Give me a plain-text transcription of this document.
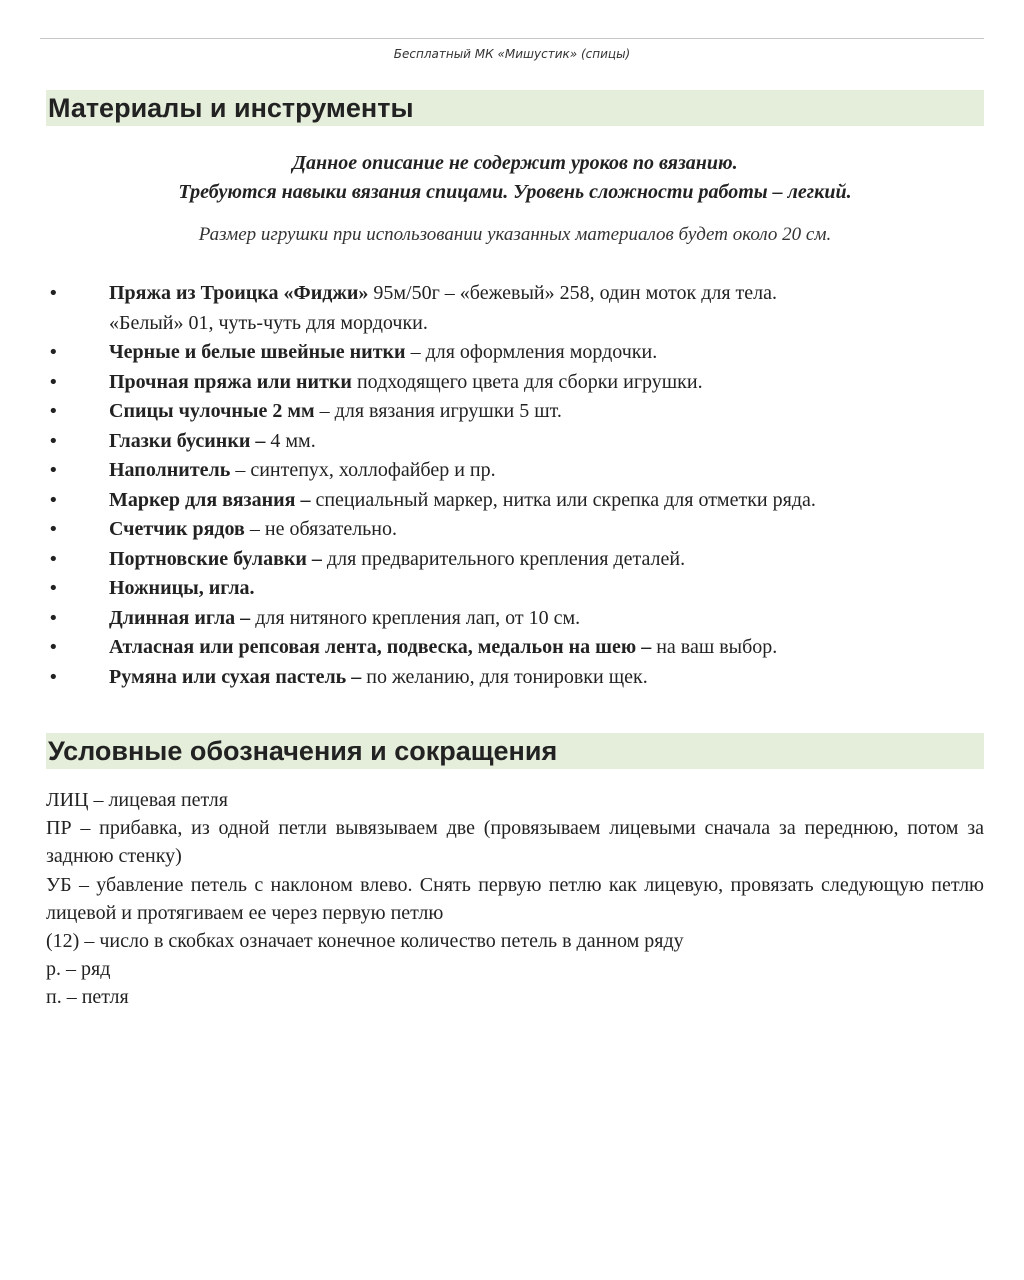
Бесплатный МК «Мишустик» (спицы)
Материалы и инструменты
Данное описание не содержит уроков по вязанию.
Требуются навыки вязания спицами. Уровень сложности работы – легкий.
Размер игрушки при использовании указанных материалов будет около 20 см.
•	Пряжа из Троицка «Фиджи» 95м/50г – «бежевый» 258, один моток для тела.
«Белый» 01, чуть-чуть для мордочки.
•	Черные и белые швейные нитки – для оформления мордочки.
•	Прочная пряжа или нитки подходящего цвета для сборки игрушки.
•	Спицы чулочные 2 мм – для вязания игрушки 5 шт.
•	Глазки бусинки – 4 мм.
•	Наполнитель – синтепух, холлофайбер и пр.
•	Маркер для вязания – специальный маркер, нитка или скрепка для отметки ряда.
•	Счетчик рядов – не обязательно.
•	Портновские булавки – для предварительного крепления деталей.
•	Ножницы, игла.
•	Длинная игла – для нитяного крепления лап, от 10 см.
•	Атласная или репсовая лента, подвеска, медальон на шею – на ваш выбор.
•	Румяна или сухая пастель – по желанию, для тонировки щек.
Условные обозначения и сокращения

ЛИЦ – лицевая петля

ПР – прибавка, из одной петли вывязываем две (провязываем лицевыми сначала за переднюю, потом за заднюю стенку)

УБ – убавление петель с наклоном влево. Снять первую петлю как лицевую, провязать следующую петлю лицевой и протягиваем ее через первую петлю

(12) – число в скобках означает конечное количество петель в данном ряду

р. – ряд

п. – петля
